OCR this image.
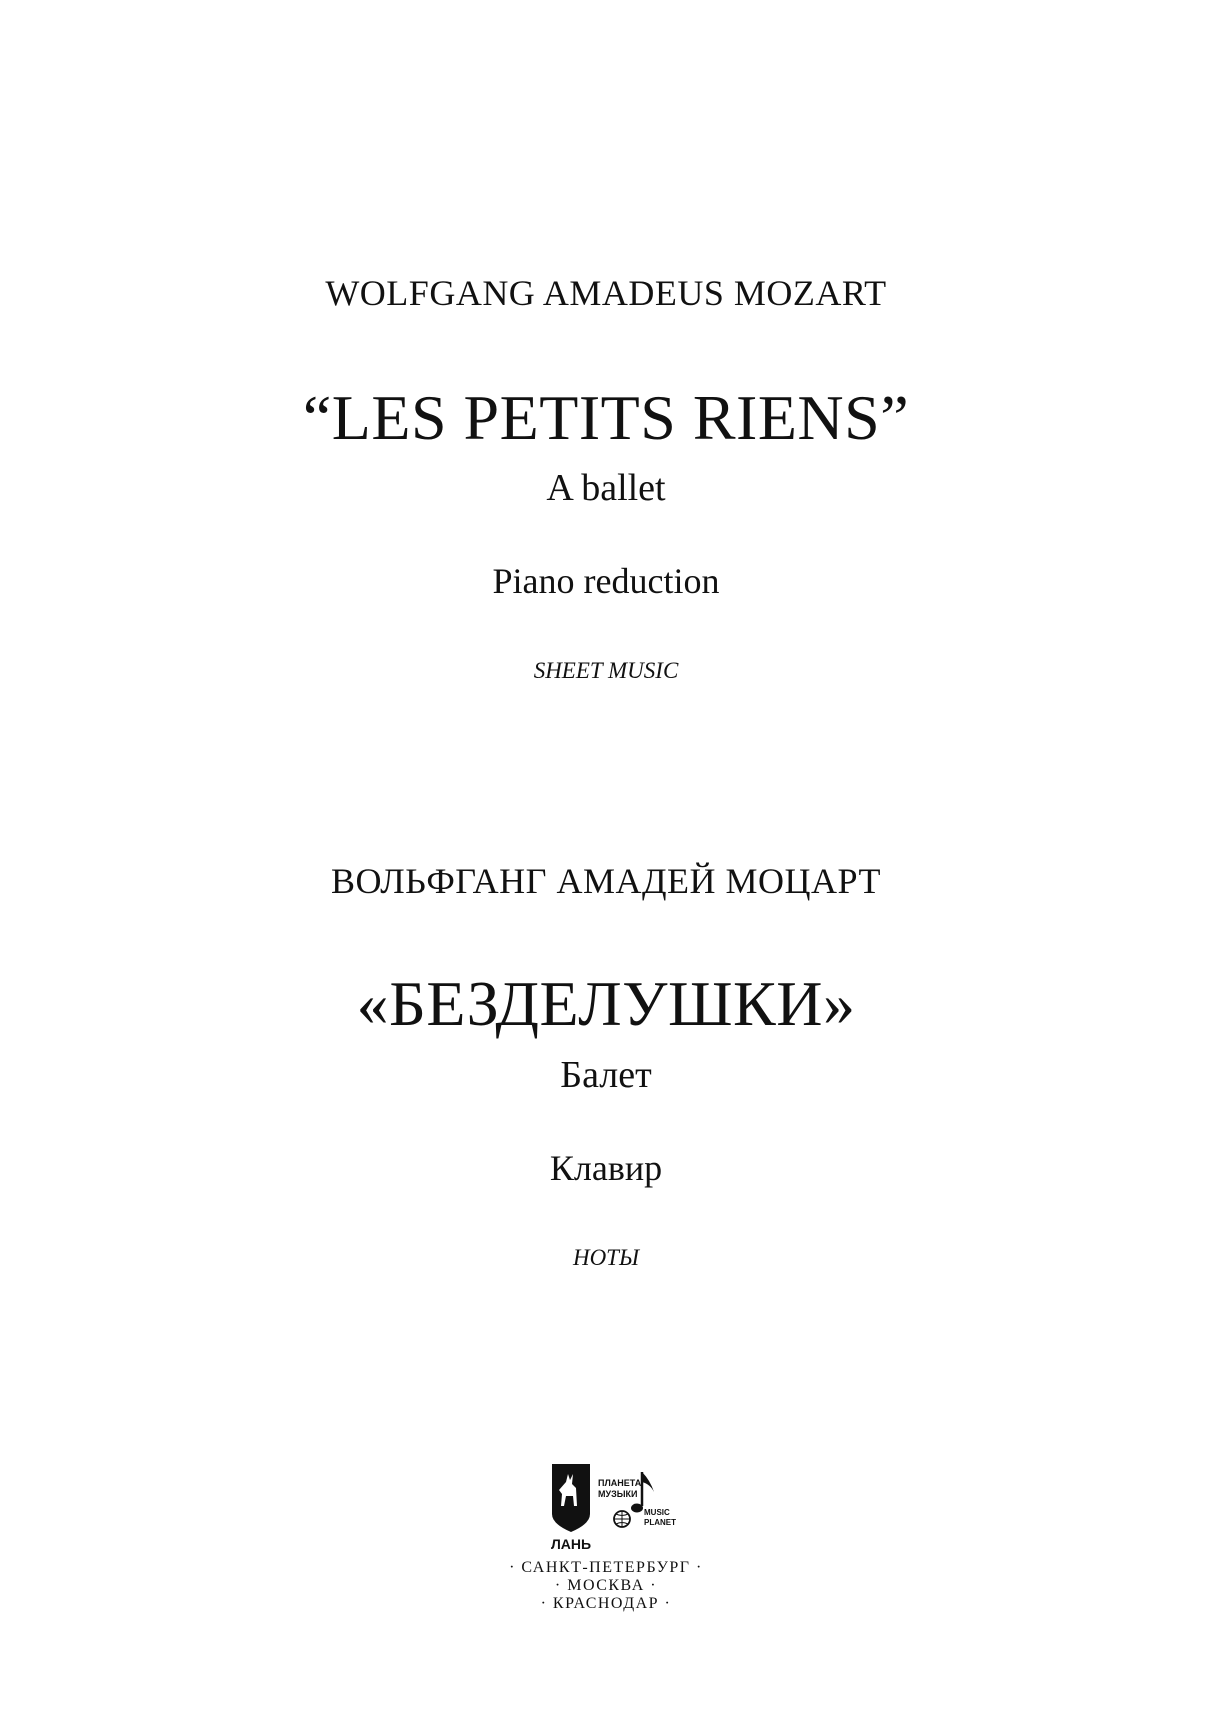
WOLFGANG AMADEUS MOZART
“LES PETITS RIENS”
A ballet
Piano reduction
SHEET MUSIC
ВОЛЬФГАНГ АМАДЕЙ МОЦАРТ
«БЕЗДЕЛУШКИ»
Балет
Клавир
НОТЫ
ЛАНЬ
ПЛАНЕТА
МУЗЫКИ
MUSIC
PLANET
· САНКТ-ПЕТЕРБУРГ ·
· МОСКВА ·
· КРАСНОДАР ·
